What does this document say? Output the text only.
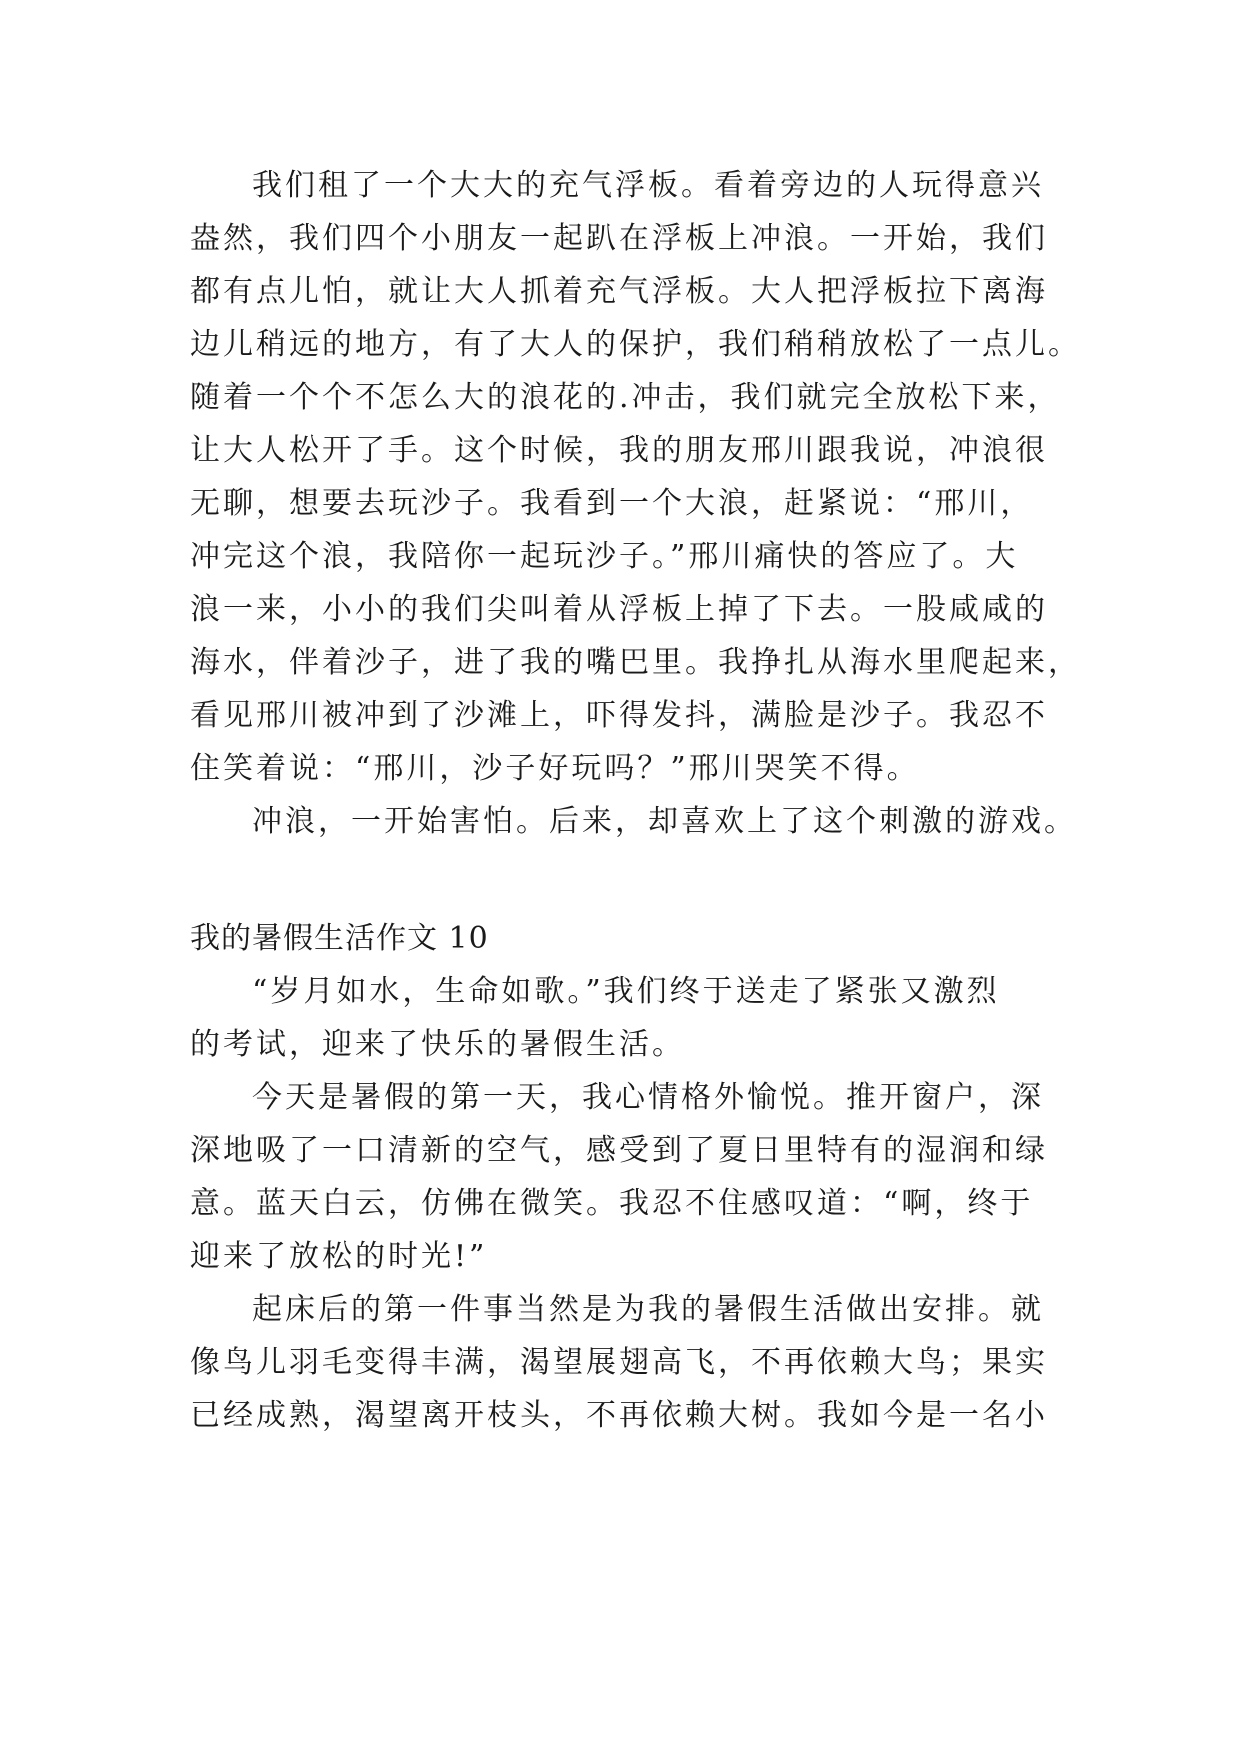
我们租了一个大大的充气浮板。看着旁边的人玩得意兴

盎然，我们四个小朋友一起趴在浮板上冲浪。一开始，我们

都有点儿怕，就让大人抓着充气浮板。大人把浮板拉下离海

边儿稍远的地方，有了大人的保护，我们稍稍放松了一点儿。

随着一个个不怎么大的浪花的.冲击，我们就完全放松下来，

让大人松开了手。这个时候，我的朋友邢川跟我说，冲浪很

无聊，想要去玩沙子。我看到一个大浪，赶紧说：“邢川，

冲完这个浪，我陪你一起玩沙子。”邢川痛快的答应了。大

浪一来，小小的我们尖叫着从浮板上掉了下去。一股咸咸的

海水，伴着沙子，进了我的嘴巴里。我挣扎从海水里爬起来，

看见邢川被冲到了沙滩上，吓得发抖，满脸是沙子。我忍不

住笑着说：“邢川，沙子好玩吗？”邢川哭笑不得。

冲浪，一开始害怕。后来，却喜欢上了这个刺激的游戏。

我的暑假生活作文 10

“岁月如水，生命如歌。”我们终于送走了紧张又激烈

的考试，迎来了快乐的暑假生活。

今天是暑假的第一天，我心情格外愉悦。推开窗户，深

深地吸了一口清新的空气，感受到了夏日里特有的湿润和绿

意。蓝天白云，仿佛在微笑。我忍不住感叹道：“啊，终于

迎来了放松的时光!”

起床后的第一件事当然是为我的暑假生活做出安排。就

像鸟儿羽毛变得丰满，渴望展翅高飞，不再依赖大鸟；果实

已经成熟，渴望离开枝头，不再依赖大树。我如今是一名小
